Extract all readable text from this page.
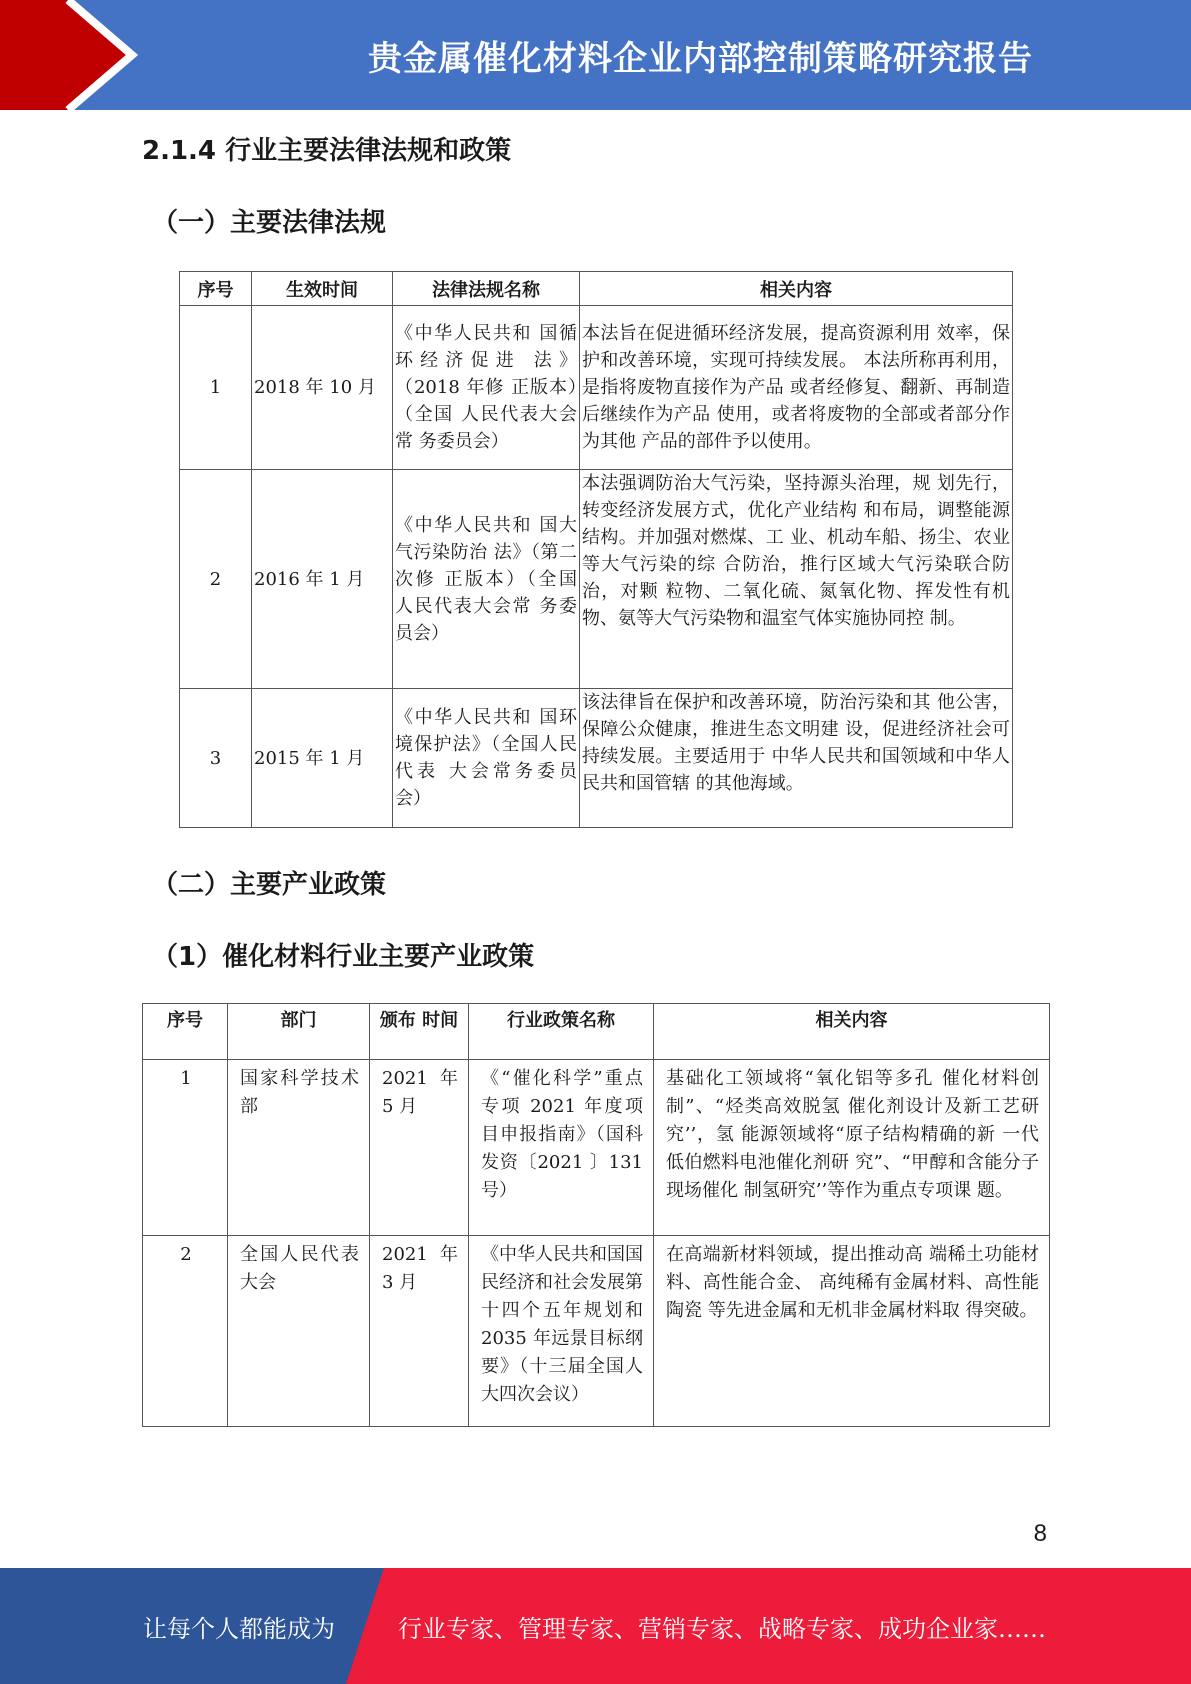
贵金属催化材料企业内部控制策略研究报告
2.1.4 行业主要法律法规和政策
（一）主要法律法规
序号	生效时间	法律法规名称	相关内容
1	2018 年 10 月	《中华人民共和 国循环经济促进 法》（2018 年修 正版本）（全国 人民代表大会常 务委员会）	本法旨在促进循环经济发展，提高资源利用 效率，保护和改善环境，实现可持续发展。 本法所称再利用，是指将废物直接作为产品 或者经修复、翻新、再制造后继续作为产品 使用，或者将废物的全部或者部分作为其他 产品的部件予以使用。
2	2016 年 1 月	《中华人民共和 国大气污染防治 法》（第二次修 正版本）（全国 人民代表大会常 务委员会）	本法强调防治大气污染，坚持源头治理，规 划先行，转变经济发展方式，优化产业结构 和布局，调整能源结构。并加强对燃煤、工 业、机动车船、扬尘、农业等大气污染的综 合防治，推行区域大气污染联合防治，对颗 粒物、二氧化硫、氮氧化物、挥发性有机 物、氨等大气污染物和温室气体实施协同控 制。
3	2015 年 1 月	《中华人民共和 国环境保护法》（全国人民代表 大会常务委员 会）	该法律旨在保护和改善环境，防治污染和其 他公害，保障公众健康，推进生态文明建 设，促进经济社会可持续发展。主要适用于 中华人民共和国领域和中华人民共和国管辖 的其他海域。
（二）主要产业政策
（1）催化材料行业主要产业政策
序号	部门	颁布 时间	行业政策名称	相关内容
1	国家科学技术部	2021 年 5 月	《“催化科学”重点专项 2021 年度项目申报指南》（国科发资〔2021 〕131 号）	基础化工领域将“氧化铝等多孔 催化材料创制”、“烃类高效脱氢 催化剂设计及新工艺研究’’，氢 能源领域将“原子结构精确的新 一代低伯燃料电池催化剂研 究”、“甲醇和含能分子现场催化 制氢研究’’等作为重点专项课 题。
2	全国人民代表大会	2021 年 3 月	《中华人民共和国国民经济和社会发展第十四个五年规划和 2035 年远景目标纲要》（十三届全国人大四次会议）	在高端新材料领域，提出推动高 端稀土功能材料、高性能合金、 高纯稀有金属材料、高性能陶瓷 等先进金属和无机非金属材料取 得突破。
8
让每个人都能成为	行业专家、管理专家、营销专家、战略专家、成功企业家……
